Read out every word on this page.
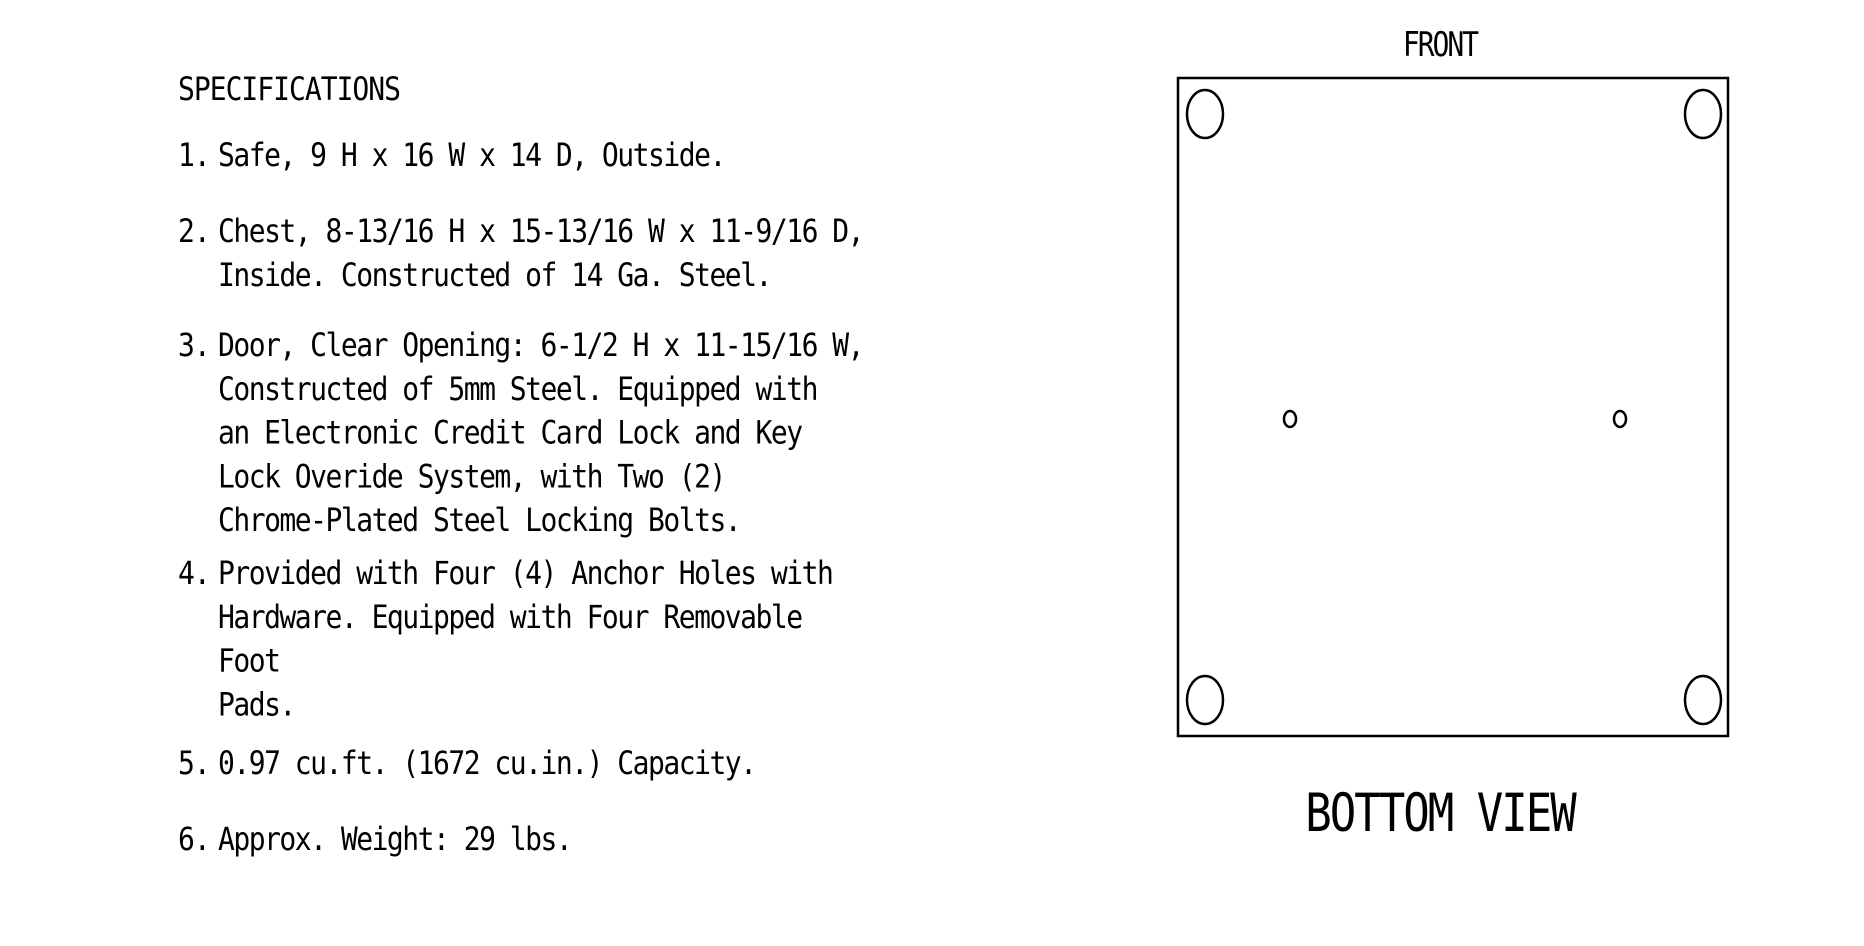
SPECIFICATIONS
1. Safe, 9 H x 16 W x 14 D, Outside.
2. Chest, 8-13/16 H x 15-13/16 W x 11-9/16 D,
Inside. Constructed of 14 Ga. Steel.
3. Door, Clear Opening: 6-1/2 H x 11-15/16 W,
Constructed of 5mm Steel. Equipped with
an Electronic Credit Card Lock and Key
Lock Overide System, with Two (2)
Chrome-Plated Steel Locking Bolts.
4. Provided with Four (4) Anchor Holes with
Hardware. Equipped with Four Removable Foot
Pads.
5. 0.97 cu.ft. (1672 cu.in.) Capacity.
6. Approx. Weight: 29 lbs.
FRONT
BOTTOM VIEW
